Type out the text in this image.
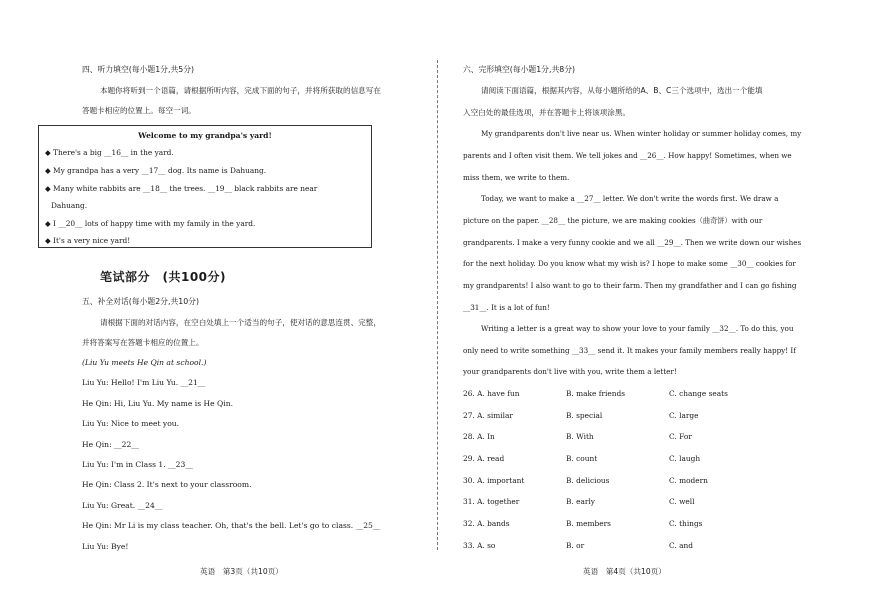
四、听力填空(每小题1分,共5分)
本题你将听到一个语篇，请根据所听内容，完成下面的句子，并将所获取的信息写在
答题卡相应的位置上。每空一词。
Welcome to my grandpa's yard!
◆ There's a big __16__ in the yard.
◆ My grandpa has a very __17__ dog. Its name is Dahuang.
◆ Many white rabbits are __18__ the trees. __19__ black rabbits are near
Dahuang.
◆ I __20__ lots of happy time with my family in the yard.
◆ It's a very nice yard!
笔试部分　(共100分)
五、补全对话(每小题2分,共10分)
请根据下面的对话内容，在空白处填上一个适当的句子，使对话的意思连贯、完整，
并将答案写在答题卡相应的位置上。
(Liu Yu meets He Qin at school.)
Liu Yu: Hello! I'm Liu Yu. __21__
He Qin: Hi, Liu Yu. My name is He Qin.
Liu Yu: Nice to meet you.
He Qin: __22__
Liu Yu: I'm in Class 1. __23__
He Qin: Class 2. It's next to your classroom.
Liu Yu: Great. __24__
He Qin: Mr Li is my class teacher. Oh, that's the bell. Let's go to class. __25__
Liu Yu: Bye!
英语　第3页（共10页）
六、完形填空(每小题1分,共8分)
请阅读下面语篇，根据其内容，从每小题所给的A、B、C三个选项中，选出一个能填
入空白处的最佳选项，并在答题卡上将该项涂黑。
My grandparents don't live near us. When winter holiday or summer holiday comes, my
parents and I often visit them. We tell jokes and __26__. How happy! Sometimes, when we
miss them, we write to them.
Today, we want to make a __27__ letter. We don't write the words first. We draw a
picture on the paper. __28__ the picture, we are making cookies（曲奇饼）with our
grandparents. I make a very funny cookie and we all __29__. Then we write down our wishes
for the next holiday. Do you know what my wish is? I hope to make some __30__ cookies for
my grandparents! I also want to go to their farm. Then my grandfather and I can go fishing
__31__. It is a lot of fun!
Writing a letter is a great way to show your love to your family __32__. To do this, you
only need to write something __33__ send it. It makes your family members really happy! If
your grandparents don't live with you, write them a letter!
26. A. have fun	B. make friends	C. change seats
27. A. similar	B. special	C. large
28. A. In	B. With	C. For
29. A. read	B. count	C. laugh
30. A. important	B. delicious	C. modern
31. A. together	B. early	C. well
32. A. bands	B. members	C. things
33. A. so	B. or	C. and
英语　第4页（共10页）
